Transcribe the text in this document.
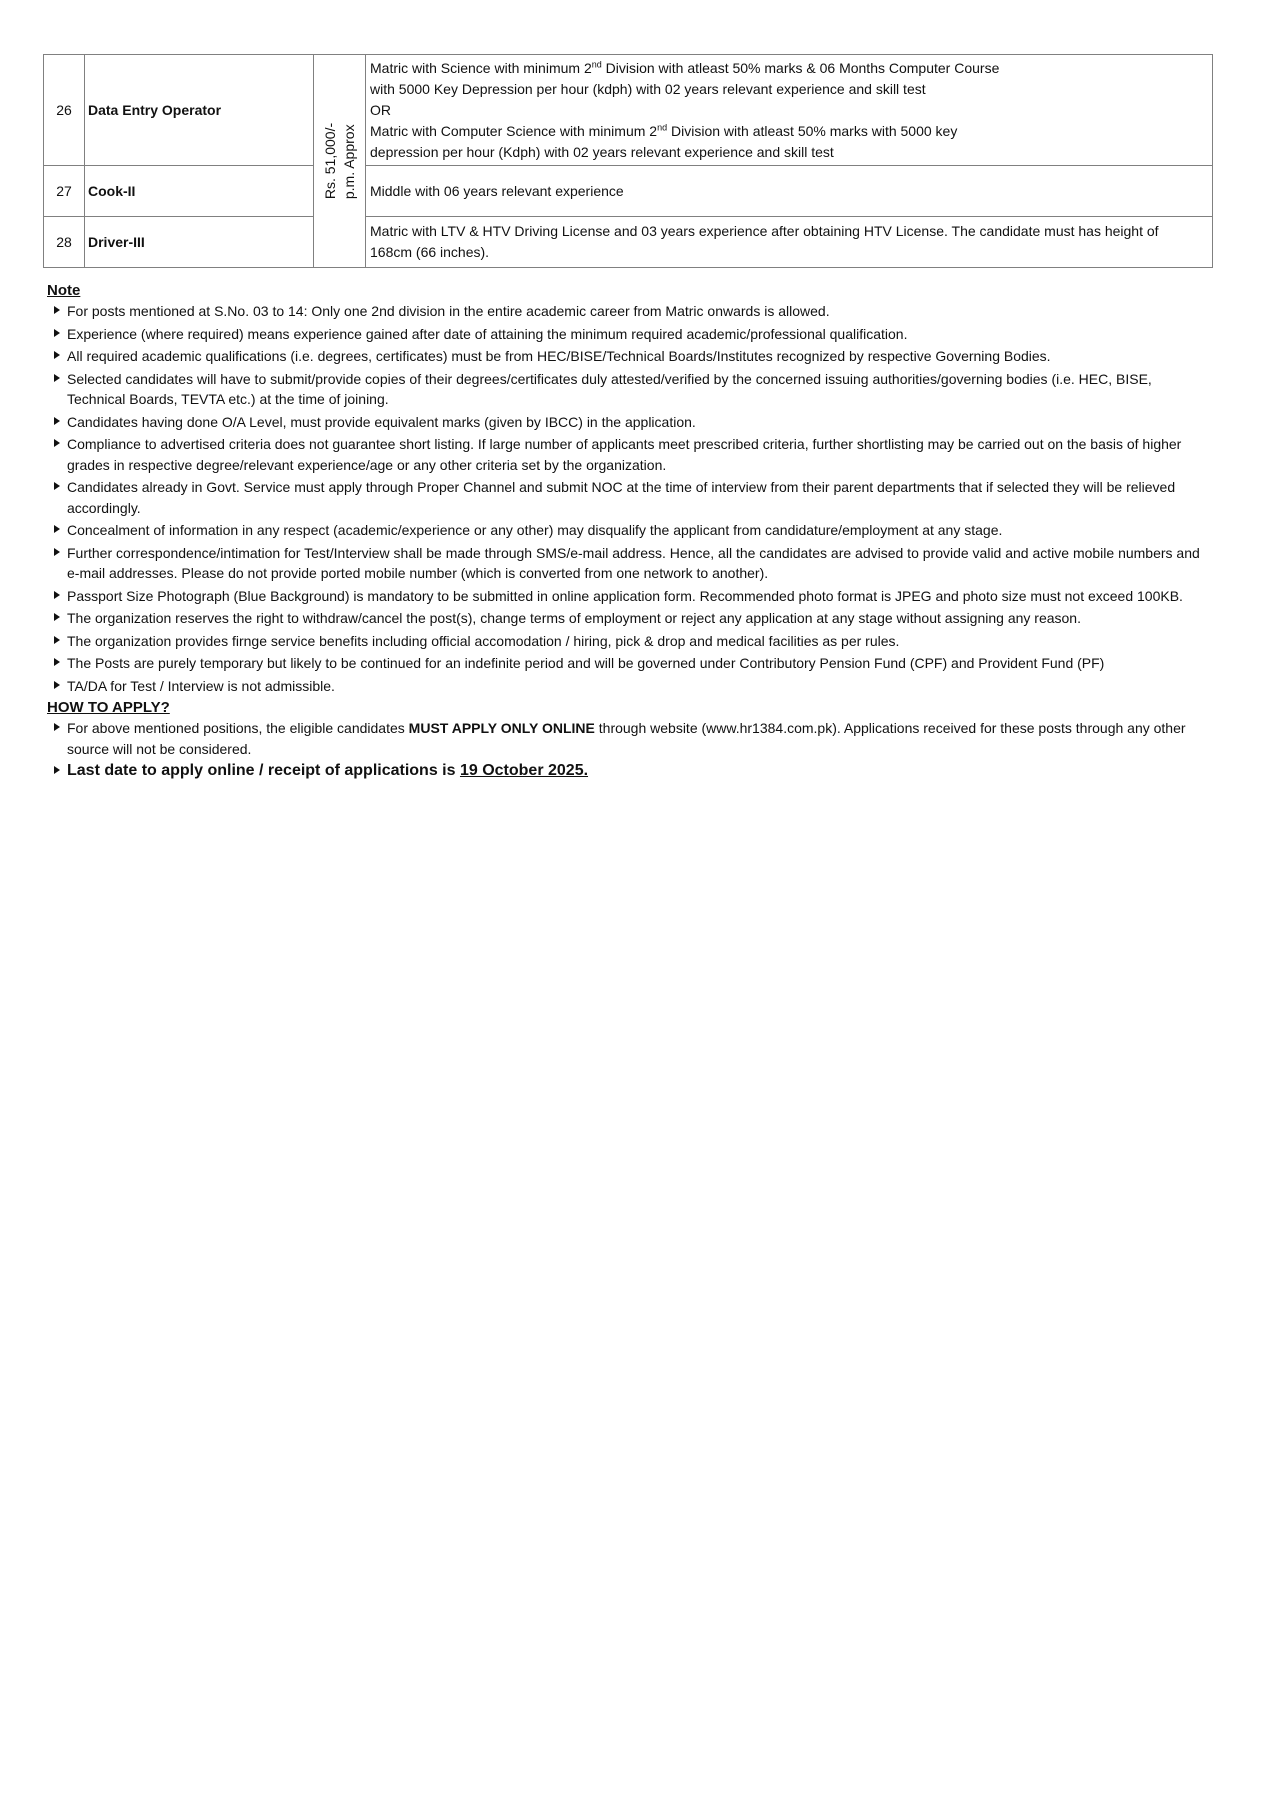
26	Data Entry Operator	Rs. 51,000/- p.m. Approx	Matric with Science with minimum 2nd Division with atleast 50% marks & 06 Months Computer Course
with 5000 Key Depression per hour (kdph) with 02 years relevant experience and skill test
OR
Matric with Computer Science with minimum 2nd Division with atleast 50% marks with 5000 key
depression per hour (Kdph) with 02 years relevant experience and skill test

27	Cook-II		Middle with 06 years relevant experience

28	Driver-III		Matric with LTV & HTV Driving License and 03 years experience after obtaining HTV License. The candidate must has height of
168cm (66 inches).

Note

For posts mentioned at S.No. 03 to 14: Only one 2nd division in the entire academic career from Matric onwards is allowed.
Experience (where required) means experience gained after date of attaining the minimum required academic/professional qualification.
All required academic qualifications (i.e. degrees, certificates) must be from HEC/BISE/Technical Boards/Institutes recognized by respective Governing Bodies.
Selected candidates will have to submit/provide copies of their degrees/certificates duly attested/verified by the concerned issuing authorities/governing bodies (i.e. HEC, BISE, Technical Boards, TEVTA etc.) at the time of joining.
Candidates having done O/A Level, must provide equivalent marks (given by IBCC) in the application.
Compliance to advertised criteria does not guarantee short listing. If large number of applicants meet prescribed criteria, further shortlisting may be carried out on the basis of higher grades in respective degree/relevant experience/age or any other criteria set by the organization.
Candidates already in Govt. Service must apply through Proper Channel and submit NOC at the time of interview from their parent departments that if selected they will be relieved accordingly.
Concealment of information in any respect (academic/experience or any other) may disqualify the applicant from candidature/employment at any stage.
Further correspondence/intimation for Test/Interview shall be made through SMS/e-mail address. Hence, all the candidates are advised to provide valid and active mobile numbers and e-mail addresses. Please do not provide ported mobile number (which is converted from one network to another).
Passport Size Photograph (Blue Background) is mandatory to be submitted in online application form. Recommended photo format is JPEG and photo size must not exceed 100KB.
The organization reserves the right to withdraw/cancel the post(s), change terms of employment or reject any application at any stage without assigning any reason.
The organization provides firnge service benefits including official accomodation / hiring, pick & drop and medical facilities as per rules.
The Posts are purely temporary but likely to be continued for an indefinite period and will be governed under Contributory Pension Fund (CPF) and Provident Fund (PF)
TA/DA for Test / Interview is not admissible.

HOW TO APPLY?

For above mentioned positions, the eligible candidates MUST APPLY ONLY ONLINE through website (www.hr1384.com.pk). Applications received for these posts through any other source will not be considered.
Last date to apply online / receipt of applications is 19 October 2025.
